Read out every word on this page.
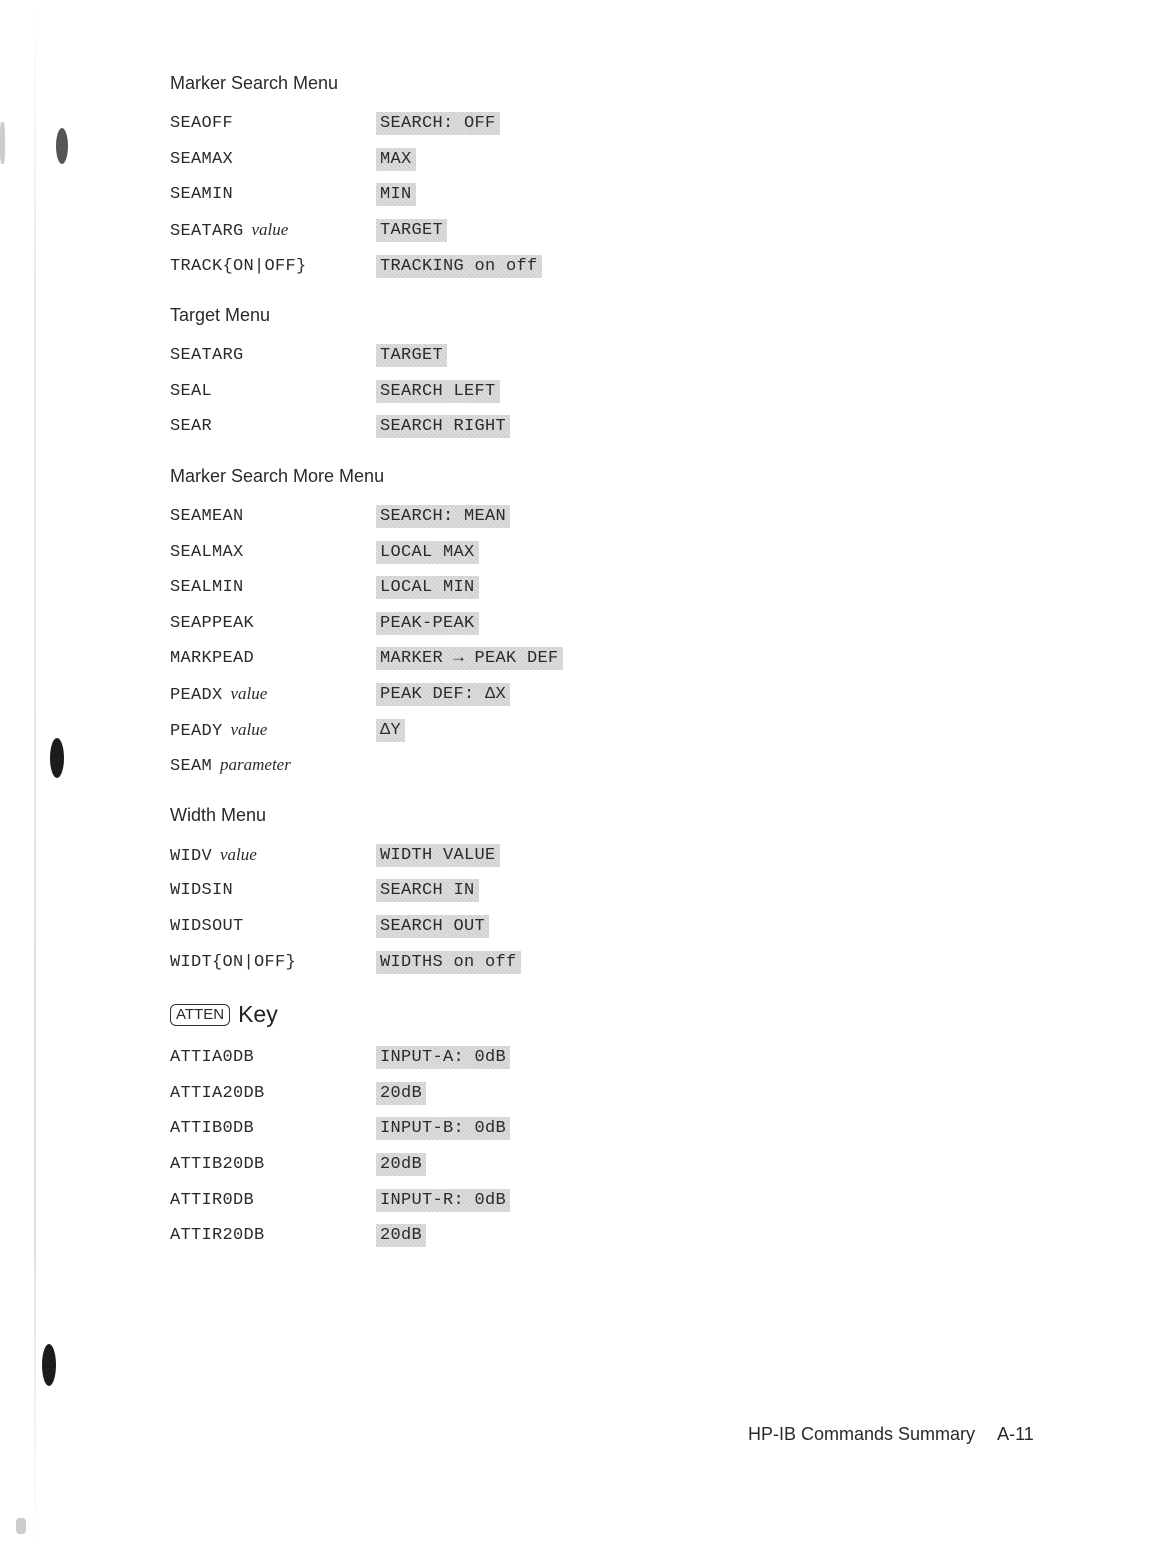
Marker Search Menu
SEAOFF	SEARCH: OFF
SEAMAX	MAX
SEAMIN	MIN
SEATARG value	TARGET
TRACK{ON|OFF}	TRACKING on off
Target Menu
SEATARG	TARGET
SEAL	SEARCH LEFT
SEAR	SEARCH RIGHT
Marker Search More Menu
SEAMEAN	SEARCH: MEAN
SEALMAX	LOCAL MAX
SEALMIN	LOCAL MIN
SEAPPEAK	PEAK-PEAK
MARKPEAD	MARKER → PEAK DEF
PEADX value	PEAK DEF: ΔX
PEADY value	ΔY
SEAM parameter
Width Menu
WIDV value	WIDTH VALUE
WIDSIN	SEARCH IN
WIDSOUT	SEARCH OUT
WIDT{ON|OFF}	WIDTHS on off
ATTEN Key
ATTIA0DB	INPUT-A: 0dB
ATTIA20DB	20dB
ATTIB0DB	INPUT-B: 0dB
ATTIB20DB	20dB
ATTIR0DB	INPUT-R: 0dB
ATTIR20DB	20dB
HP-IB Commands Summary A-11
